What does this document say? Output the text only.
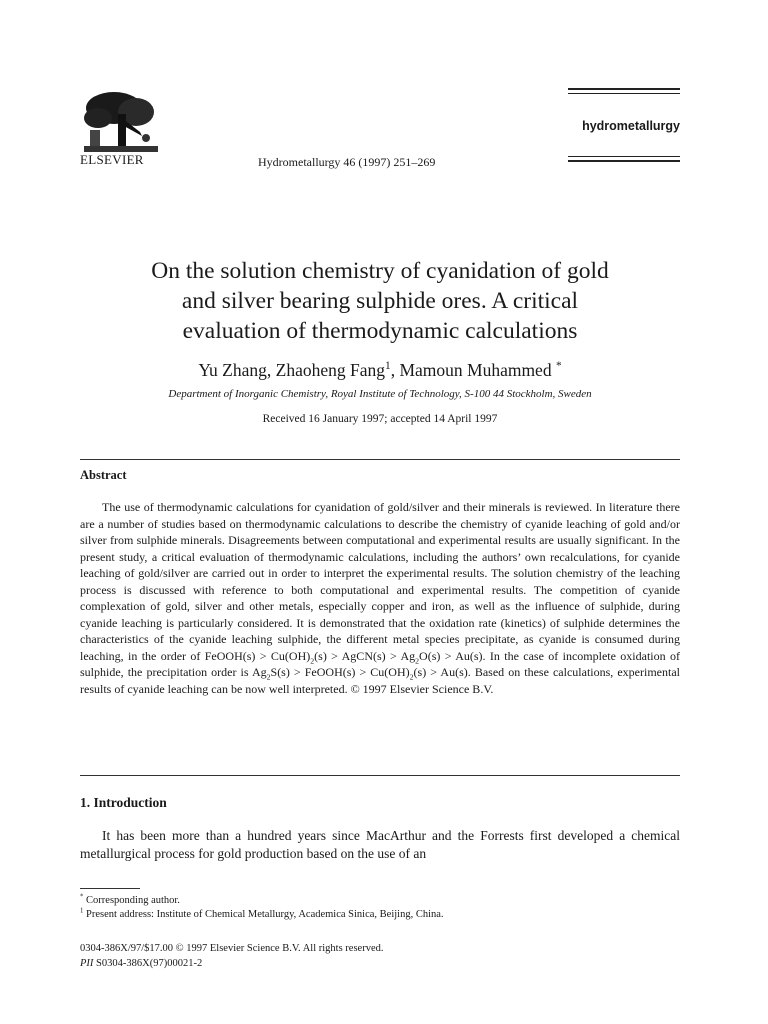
ELSEVIER	Hydrometallurgy 46 (1997) 251–269
hydrometallurgy
On the solution chemistry of cyanidation of gold
and silver bearing sulphide ores. A critical
evaluation of thermodynamic calculations
Yu Zhang, Zhaoheng Fang$^1$, Mamoun Muhammed *
Department of Inorganic Chemistry, Royal Institute of Technology, S-100 44 Stockholm, Sweden
Received 16 January 1997; accepted 14 April 1997
Abstract

The use of thermodynamic calculations for cyanidation of gold/silver and their minerals is reviewed. In literature there are a number of studies based on thermodynamic calculations to describe the chemistry of cyanide leaching of gold and/or silver from sulphide minerals. Disagreements between computational and experimental results are usually significant. In the present study, a critical evaluation of thermodynamic calculations, including the authors’ own recalculations, for cyanide leaching of gold/silver are carried out in order to interpret the experimental results. The solution chemistry of the leaching process is discussed with reference to both computational and experimental results. The competition of cyanide complexation of gold, silver and other metals, especially copper and iron, as well as the influence of sulphide, during cyanide leaching is particularly considered. It is demonstrated that the oxidation rate (kinetics) of sulphide determines the characteristics of the cyanide leaching sulphide, the different metal species precipitate, as cyanide is consumed during leaching, in the order of FeOOH(s) > $Cu(OH)_2(s)$ > AgCN(s) > $Ag_2O(s) > Au(s)$. In the case of incomplete oxidation of sulphide, the precipitation order is $Ag_2S(s)$ > FeOOH(s) > $Cu(OH)_2(s) > Au(s)$. Based on these calculations, experimental results of cyanide leaching can be now well interpreted. © 1997 Elsevier Science B.V.

1. Introduction

It has been more than a hundred years since MacArthur and the Forrests first developed a chemical metallurgical process for gold production based on the use of an

* Corresponding author.
$^1$ Present address: Institute of Chemical Metallurgy, Academica Sinica, Beijing, China.
0304-386X/97/$17.00 © 1997 Elsevier Science B.V. All rights reserved.
PII S0304-386X(97)00021-2
